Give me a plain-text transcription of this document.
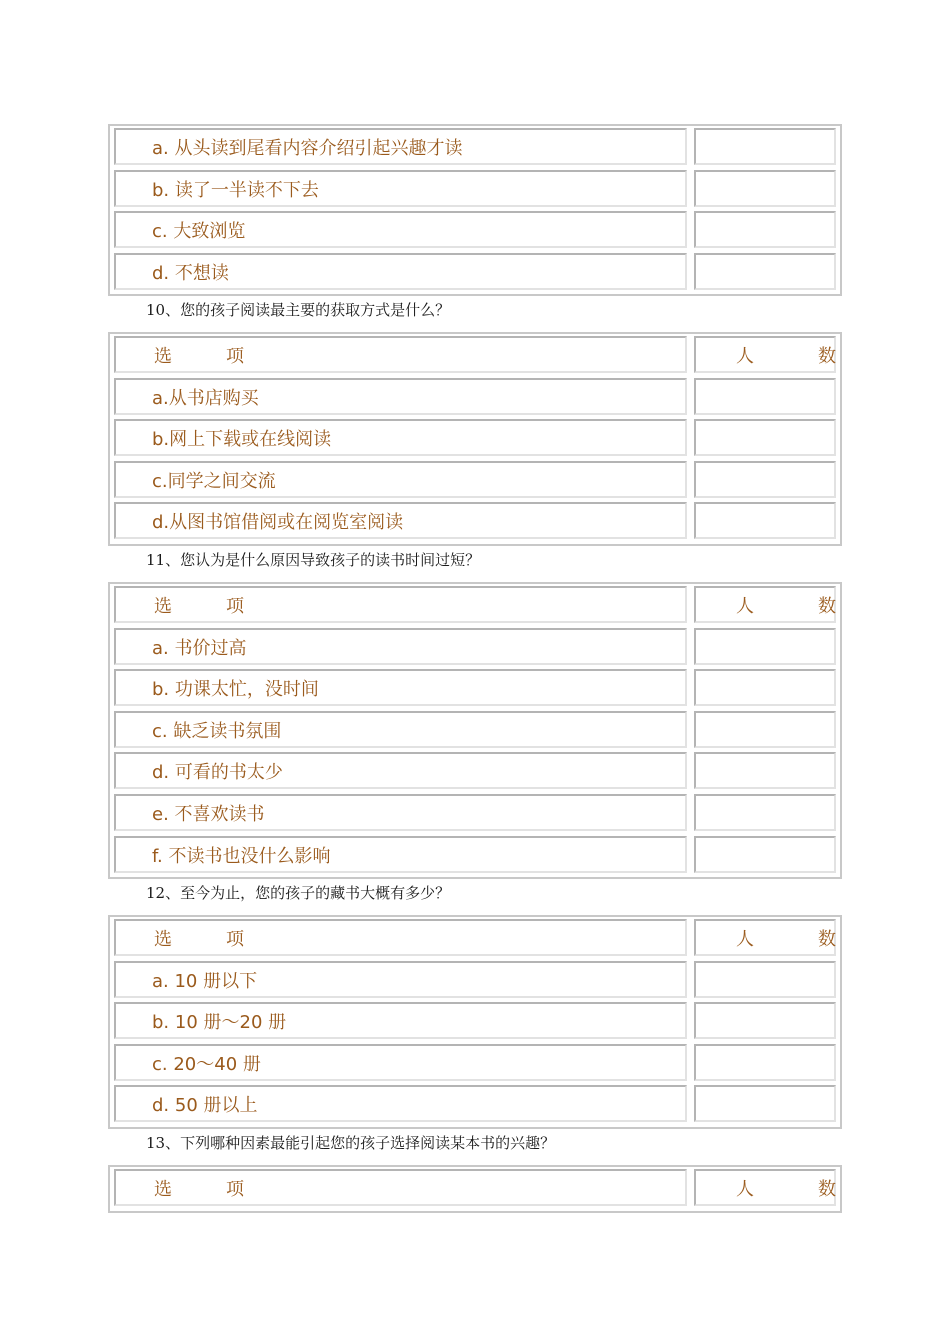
a. 从头读到尾看内容介绍引起兴趣才读
b. 读了一半读不下去
c. 大致浏览
d. 不想读
10、您的孩子阅读最主要的获取方式是什么？
选项	人数
a.从书店购买
b.网上下载或在线阅读
c.同学之间交流
d.从图书馆借阅或在阅览室阅读
11、您认为是什么原因导致孩子的读书时间过短？
选项	人数
a. 书价过高
b. 功课太忙，没时间
c. 缺乏读书氛围
d. 可看的书太少
e. 不喜欢读书
f. 不读书也没什么影响
12、至今为止，您的孩子的藏书大概有多少？
选项	人数
a. 10 册以下
b. 10 册～20 册
c. 20～40 册
d. 50 册以上
13、下列哪种因素最能引起您的孩子选择阅读某本书的兴趣？
选项	人数
